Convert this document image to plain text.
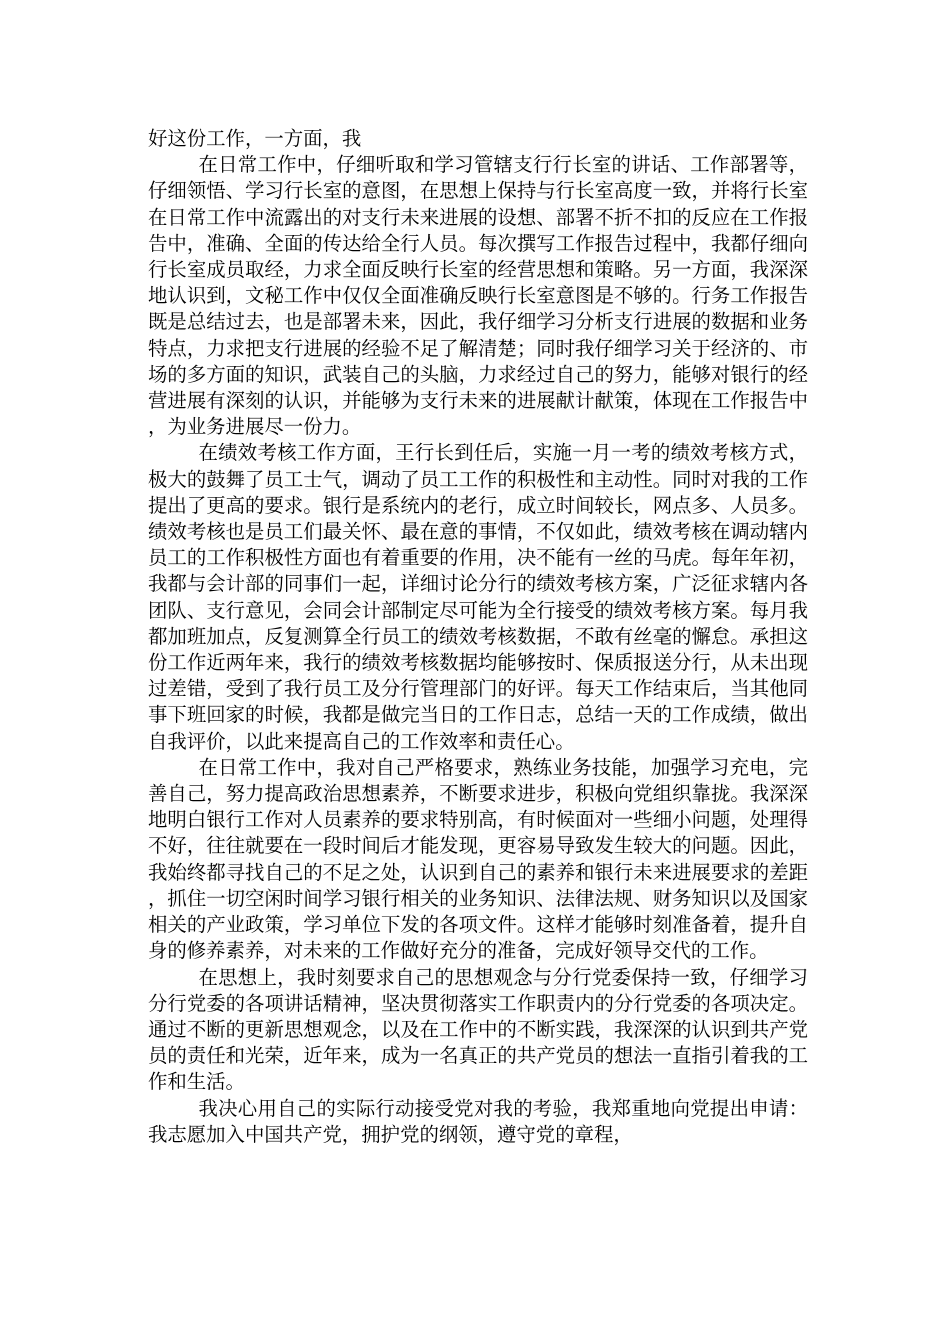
好这份工作，一方面，我

在日常工作中，仔细听取和学习管辖支行行长室的讲话、工作部署等，仔细领悟、学习行长室的意图，在思想上保持与行长室高度一致，并将行长室在日常工作中流露出的对支行未来进展的设想、部署不折不扣的反应在工作报告中，准确、全面的传达给全行人员。每次撰写工作报告过程中，我都仔细向行长室成员取经，力求全面反映行长室的经营思想和策略。另一方面，我深深地认识到，文秘工作中仅仅全面准确反映行长室意图是不够的。行务工作报告既是总结过去，也是部署未来，因此，我仔细学习分析支行进展的数据和业务特点，力求把支行进展的经验不足了解清楚；同时我仔细学习关于经济的、市场的多方面的知识，武装自己的头脑，力求经过自己的努力，能够对银行的经营进展有深刻的认识，并能够为支行未来的进展献计献策，体现在工作报告中，为业务进展尽一份力。

在绩效考核工作方面，王行长到任后，实施一月一考的绩效考核方式，极大的鼓舞了员工士气，调动了员工工作的积极性和主动性。同时对我的工作提出了更高的要求。银行是系统内的老行，成立时间较长，网点多、人员多。绩效考核也是员工们最关怀、最在意的事情，不仅如此，绩效考核在调动辖内员工的工作积极性方面也有着重要的作用，决不能有一丝的马虎。每年年初，我都与会计部的同事们一起，详细讨论分行的绩效考核方案，广泛征求辖内各团队、支行意见，会同会计部制定尽可能为全行接受的绩效考核方案。每月我都加班加点，反复测算全行员工的绩效考核数据，不敢有丝毫的懈怠。承担这份工作近两年来，我行的绩效考核数据均能够按时、保质报送分行，从未出现过差错，受到了我行员工及分行管理部门的好评。每天工作结束后，当其他同事下班回家的时候，我都是做完当日的工作日志，总结一天的工作成绩，做出自我评价，以此来提高自己的工作效率和责任心。

在日常工作中，我对自己严格要求，熟练业务技能，加强学习充电，完善自己，努力提高政治思想素养，不断要求进步，积极向党组织靠拢。我深深地明白银行工作对人员素养的要求特别高，有时候面对一些细小问题，处理得不好，往往就要在一段时间后才能发现，更容易导致发生较大的问题。因此，我始终都寻找自己的不足之处，认识到自己的素养和银行未来进展要求的差距，抓住一切空闲时间学习银行相关的业务知识、法律法规、财务知识以及国家相关的产业政策，学习单位下发的各项文件。这样才能够时刻准备着，提升自身的修养素养，对未来的工作做好充分的准备，完成好领导交代的工作。

在思想上，我时刻要求自己的思想观念与分行党委保持一致，仔细学习分行党委的各项讲话精神，坚决贯彻落实工作职责内的分行党委的各项决定。通过不断的更新思想观念，以及在工作中的不断实践，我深深的认识到共产党员的责任和光荣，近年来，成为一名真正的共产党员的想法一直指引着我的工作和生活。

我决心用自己的实际行动接受党对我的考验，我郑重地向党提出申请：我志愿加入中国共产党，拥护党的纲领，遵守党的章程，
